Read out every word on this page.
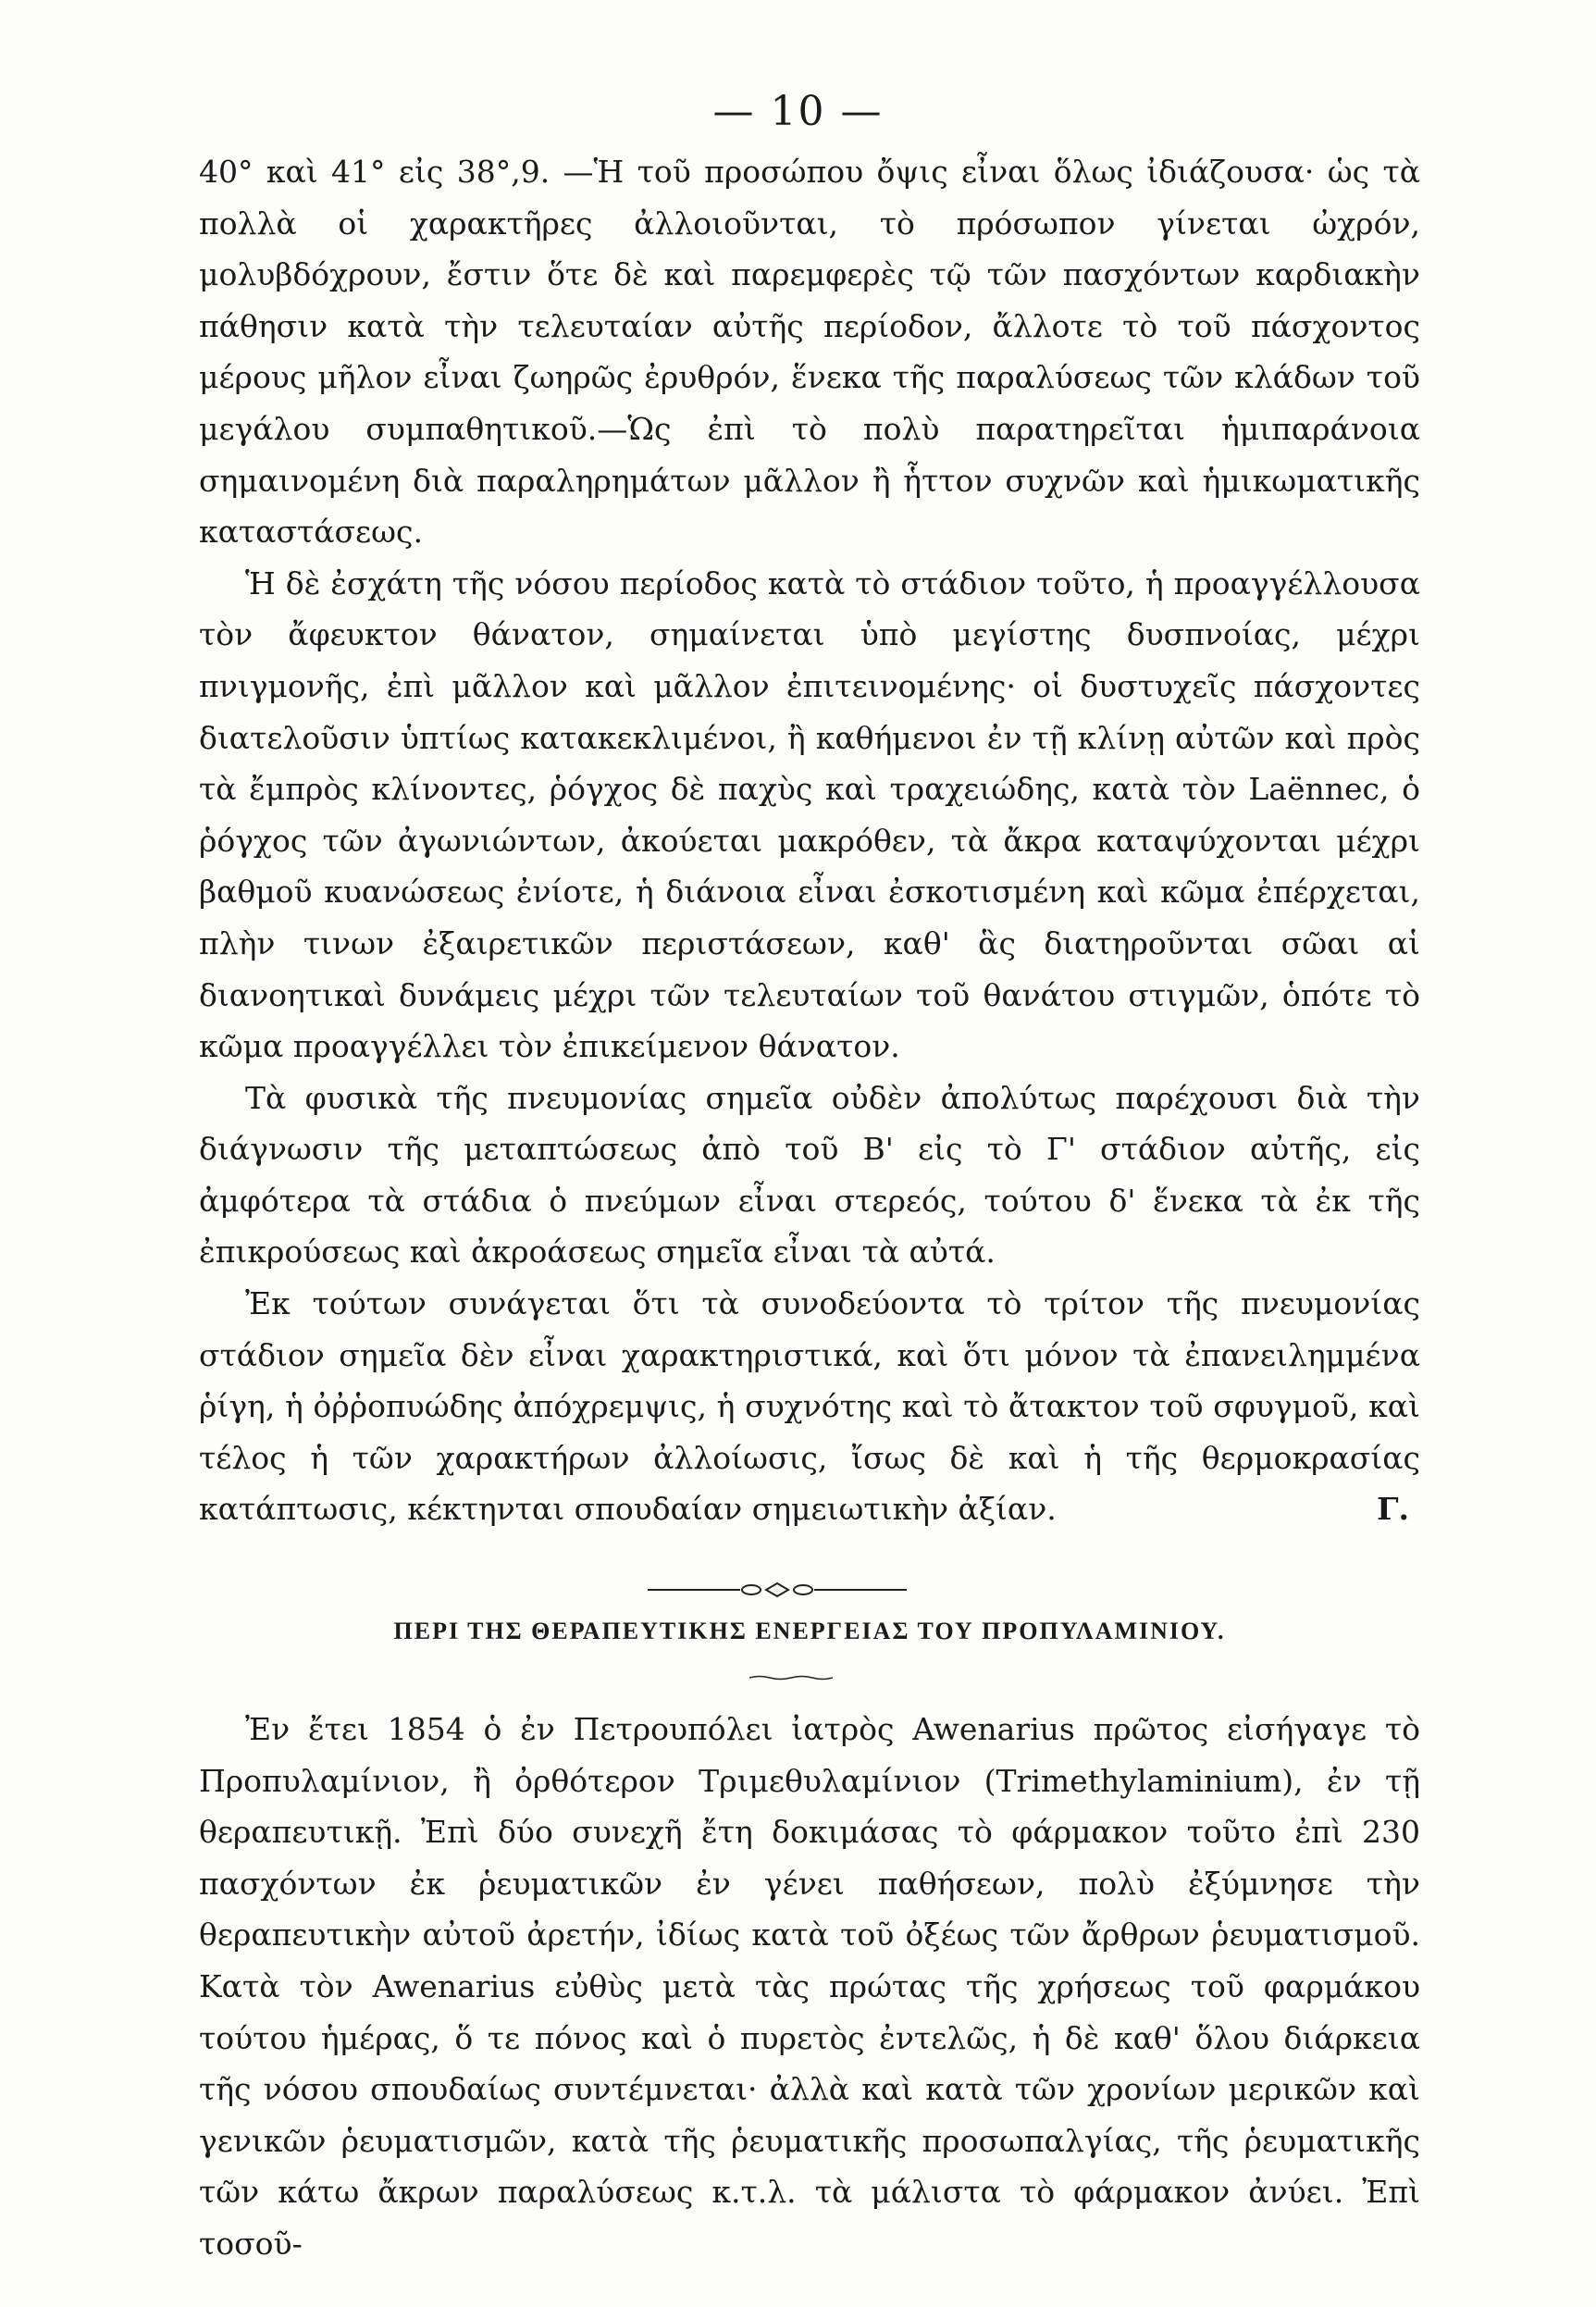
— 10 —

40° καὶ 41° εἰς 38°,9. —Ἡ τοῦ προσώπου ὄψις εἶναι ὅλως ἰδιάζουσα· ὡς τὰ πολλὰ οἱ χαρακτῆρες ἀλλοιοῦνται, τὸ πρόσωπον γίνεται ὠχρόν, μολυβδόχρουν, ἔστιν ὅτε δὲ καὶ παρεμφερὲς τῷ τῶν πασχόντων καρδιακὴν πάθησιν κατὰ τὴν τελευταίαν αὐτῆς περίοδον, ἄλλοτε τὸ τοῦ πάσχοντος μέρους μῆλον εἶναι ζωηρῶς ἐρυθρόν, ἕνεκα τῆς παραλύσεως τῶν κλάδων τοῦ μεγάλου συμπαθητικοῦ.—Ὡς ἐπὶ τὸ πολὺ παρατηρεῖται ἡμιπαράνοια σημαινομένη διὰ παραληρημάτων μᾶλλον ἢ ἧττον συχνῶν καὶ ἡμικωματικῆς καταστάσεως.

Ἡ δὲ ἐσχάτη τῆς νόσου περίοδος κατὰ τὸ στάδιον τοῦτο, ἡ προαγγέλλουσα τὸν ἄφευκτον θάνατον, σημαίνεται ὑπὸ μεγίστης δυσπνοίας, μέχρι πνιγμονῆς, ἐπὶ μᾶλλον καὶ μᾶλλον ἐπιτεινομένης· οἱ δυστυχεῖς πάσχοντες διατελοῦσιν ὑπτίως κατακεκλιμένοι, ἢ καθήμενοι ἐν τῇ κλίνῃ αὐτῶν καὶ πρὸς τὰ ἔμπρὸς κλίνοντες, ῥόγχος δὲ παχὺς καὶ τραχειώδης, κατὰ τὸν Laënnec, ὁ ῥόγχος τῶν ἀγωνιώντων, ἀκούεται μακρόθεν, τὰ ἄκρα καταψύχονται μέχρι βαθμοῦ κυανώσεως ἐνίοτε, ἡ διάνοια εἶναι ἐσκοτισμένη καὶ κῶμα ἐπέρχεται, πλὴν τινων ἐξαιρετικῶν περιστάσεων, καθ' ἃς διατηροῦνται σῶαι αἱ διανοητικαὶ δυνάμεις μέχρι τῶν τελευταίων τοῦ θανάτου στιγμῶν, ὁπότε τὸ κῶμα προαγγέλλει τὸν ἐπικείμενον θάνατον.

Τὰ φυσικὰ τῆς πνευμονίας σημεῖα οὐδὲν ἀπολύτως παρέχουσι διὰ τὴν διάγνωσιν τῆς μεταπτώσεως ἀπὸ τοῦ Β' εἰς τὸ Γ' στάδιον αὐτῆς, εἰς ἀμφότερα τὰ στάδια ὁ πνεύμων εἶναι στερεός, τούτου δ' ἕνεκα τὰ ἐκ τῆς ἐπικρούσεως καὶ ἀκροάσεως σημεῖα εἶναι τὰ αὐτά.

Ἐκ τούτων συνάγεται ὅτι τὰ συνοδεύοντα τὸ τρίτον τῆς πνευμονίας στάδιον σημεῖα δὲν εἶναι χαρακτηριστικά, καὶ ὅτι μόνον τὰ ἐπανειλημμένα ῥίγη, ἡ ὀῤῥοπυώδης ἀπόχρεμψις, ἡ συχνότης καὶ τὸ ἄτακτον τοῦ σφυγμοῦ, καὶ τέλος ἡ τῶν χαρακτήρων ἀλλοίωσις, ἴσως δὲ καὶ ἡ τῆς θερμοκρασίας κατάπτωσις, κέκτηνται σπουδαίαν σημειωτικὴν ἀξίαν.	Γ.

ΠΕΡΙ ΤΗΣ ΘΕΡΑΠΕΥΤΙΚΗΣ ΕΝΕΡΓΕΙΑΣ ΤΟΥ ΠΡΟΠΥΛΑΜΙΝΙΟΥ.

Ἐν ἔτει 1854 ὁ ἐν Πετρουπόλει ἰατρὸς Awenarius πρῶτος εἰσήγαγε τὸ Προπυλαμίνιον, ἢ ὀρθότερον Τριμεθυλαμίνιον (Trimethylaminium), ἐν τῇ θεραπευτικῇ. Ἐπὶ δύο συνεχῆ ἔτη δοκιμάσας τὸ φάρμακον τοῦτο ἐπὶ 230 πασχόντων ἐκ ῥευματικῶν ἐν γένει παθήσεων, πολὺ ἐξύμνησε τὴν θεραπευτικὴν αὐτοῦ ἀρετήν, ἰδίως κατὰ τοῦ ὀξέως τῶν ἄρθρων ῥευματισμοῦ. Κατὰ τὸν Awenarius εὐθὺς μετὰ τὰς πρώτας τῆς χρήσεως τοῦ φαρμάκου τούτου ἡμέρας, ὅ τε πόνος καὶ ὁ πυρετὸς ἐντελῶς, ἡ δὲ καθ' ὅλου διάρκεια τῆς νόσου σπουδαίως συντέμνεται· ἀλλὰ καὶ κατὰ τῶν χρονίων μερικῶν καὶ γενικῶν ῥευματισμῶν, κατὰ τῆς ῥευματικῆς προσωπαλγίας, τῆς ῥευματικῆς τῶν κάτω ἄκρων παραλύσεως κ.τ.λ. τὰ μάλιστα τὸ φάρμακον ἀνύει. Ἐπὶ τοσοῦ-
